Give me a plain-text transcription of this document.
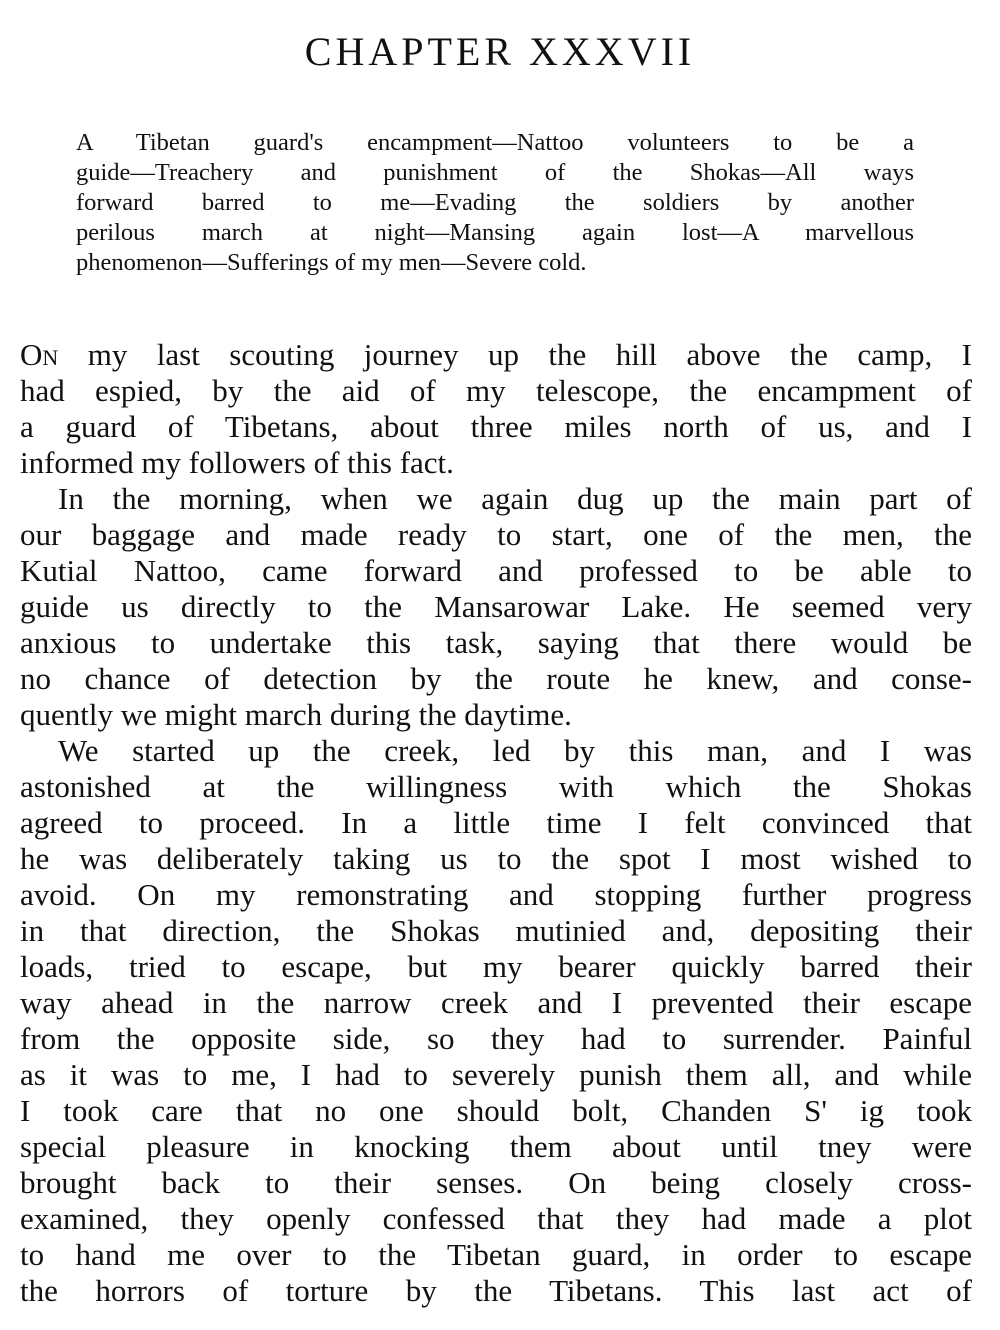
CHAPTER XXXVII
A Tibetan guard's encampment—Nattoo volunteers to be a
guide—Treachery and punishment of the Shokas—All ways
forward barred to me—Evading the soldiers by another
perilous march at night—Mansing again lost—A marvellous
phenomenon—Sufferings of my men—Severe cold.
On my last scouting journey up the hill above the camp, I
had espied, by the aid of my telescope, the encampment of
a guard of Tibetans, about three miles north of us, and I
informed my followers of this fact.
In the morning, when we again dug up the main part of
our baggage and made ready to start, one of the men, the
Kutial Nattoo, came forward and professed to be able to
guide us directly to the Mansarowar Lake. He seemed very
anxious to undertake this task, saying that there would be
no chance of detection by the route he knew, and conse-
quently we might march during the daytime.
We started up the creek, led by this man, and I was
astonished at the willingness with which the Shokas
agreed to proceed. In a little time I felt convinced that
he was deliberately taking us to the spot I most wished to
avoid. On my remonstrating and stopping further progress
in that direction, the Shokas mutinied and, depositing their
loads, tried to escape, but my bearer quickly barred their
way ahead in the narrow creek and I prevented their escape
from the opposite side, so they had to surrender. Painful
as it was to me, I had to severely punish them all, and while
I took care that no one should bolt, Chanden S' ig took
special pleasure in knocking them about until tney were
brought back to their senses. On being closely cross-
examined, they openly confessed that they had made a plot
to hand me over to the Tibetan guard, in order to escape
the horrors of torture by the Tibetans. This last act of
